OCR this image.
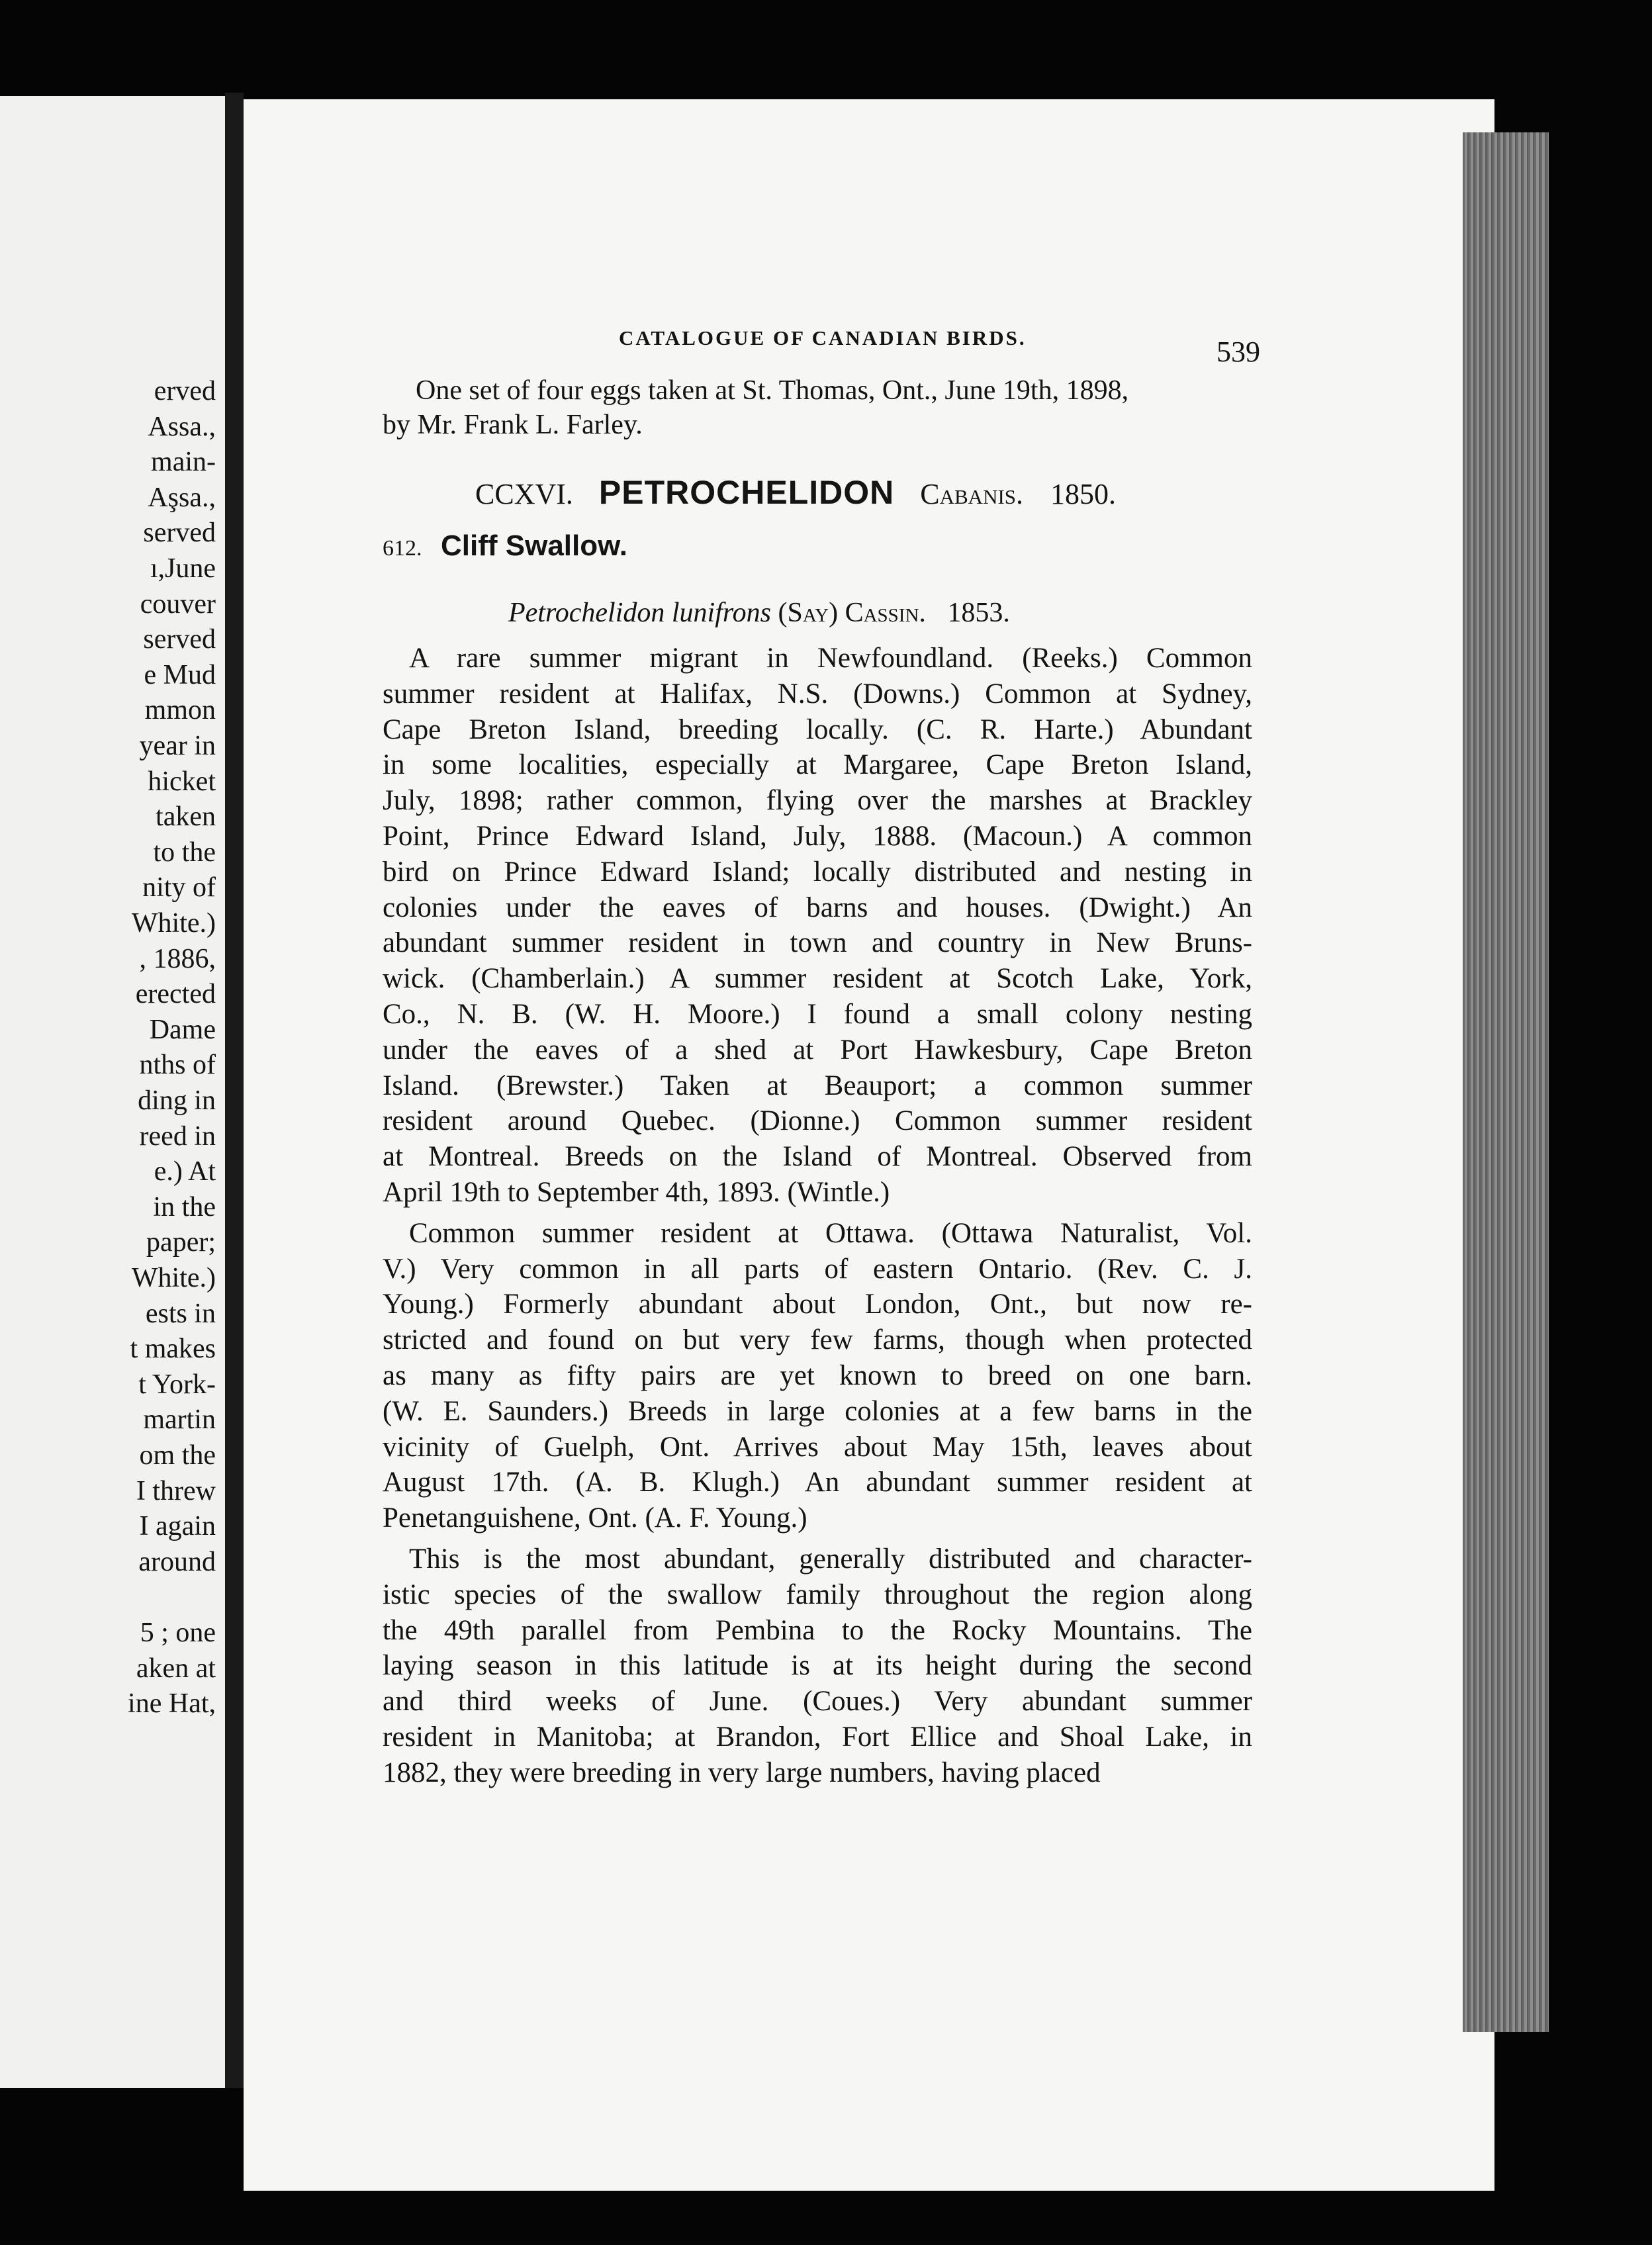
erved
Assa.,
main-
Aşsa.,
served
ı,June
couver
served
e Mud
mmon
year in
hicket
taken
to the
nity of
White.)
, 1886,
erected
Dame
nths of
ding in
reed in
e.) At
in the
paper;
White.)
ests in
t makes
t York-
martin
om the
I threw
I again
around
5 ; one
aken at
ine Hat,
CATALOGUE OF CANADIAN BIRDS.	539
One set of four eggs taken at St. Thomas, Ont., June 19th, 1898,
by Mr. Frank L. Farley.
CCXVI. PETROCHELIDON Cabanis. 1850.
612. Cliff Swallow.
Petrochelidon lunifrons (Say) Cassin. 1853.
A rare summer migrant in Newfoundland. (Reeks.) Common
summer resident at Halifax, N.S. (Downs.) Common at Sydney,
Cape Breton Island, breeding locally. (C. R. Harte.) Abundant
in some localities, especially at Margaree, Cape Breton Island,
July, 1898; rather common, flying over the marshes at Brackley
Point, Prince Edward Island, July, 1888. (Macoun.) A common
bird on Prince Edward Island; locally distributed and nesting in
colonies under the eaves of barns and houses. (Dwight.) An
abundant summer resident in town and country in New Bruns-
wick. (Chamberlain.) A summer resident at Scotch Lake, York,
Co., N. B. (W. H. Moore.) I found a small colony nesting
under the eaves of a shed at Port Hawkesbury, Cape Breton
Island. (Brewster.) Taken at Beauport; a common summer
resident around Quebec. (Dionne.) Common summer resident
at Montreal. Breeds on the Island of Montreal. Observed from
April 19th to September 4th, 1893. (Wintle.)
Common summer resident at Ottawa. (Ottawa Naturalist, Vol.
V.) Very common in all parts of eastern Ontario. (Rev. C. J.
Young.) Formerly abundant about London, Ont., but now re-
stricted and found on but very few farms, though when protected
as many as fifty pairs are yet known to breed on one barn.
(W. E. Saunders.) Breeds in large colonies at a few barns in the
vicinity of Guelph, Ont. Arrives about May 15th, leaves about
August 17th. (A. B. Klugh.) An abundant summer resident at
Penetanguishene, Ont. (A. F. Young.)
This is the most abundant, generally distributed and character-
istic species of the swallow family throughout the region along
the 49th parallel from Pembina to the Rocky Mountains. The
laying season in this latitude is at its height during the second
and third weeks of June. (Coues.) Very abundant summer
resident in Manitoba; at Brandon, Fort Ellice and Shoal Lake, in
1882, they were breeding in very large numbers, having placed
